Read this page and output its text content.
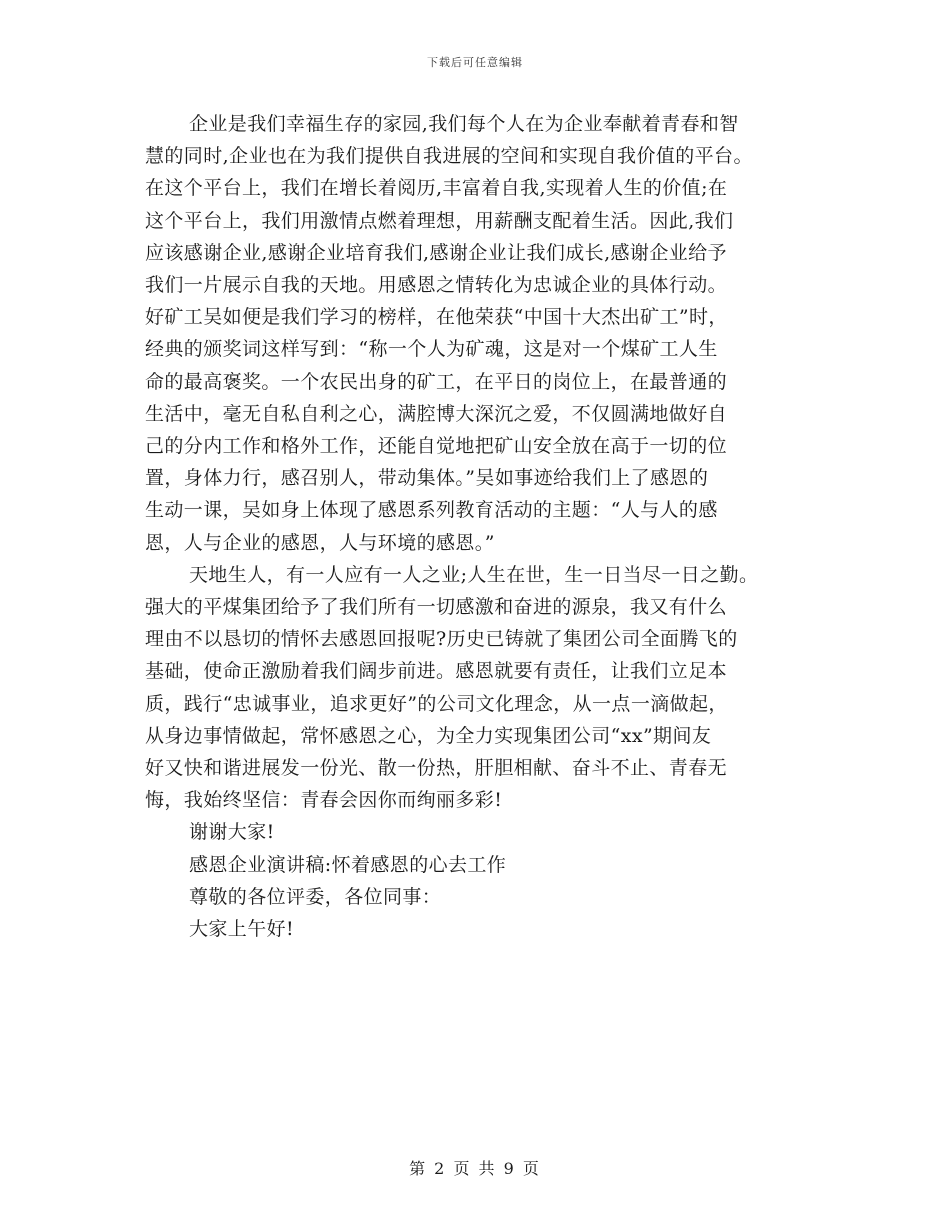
下载后可任意编辑

企业是我们幸福生存的家园,我们每个人在为企业奉献着青春和智
慧的同时,企业也在为我们提供自我进展的空间和实现自我价值的平台。
在这个平台上，我们在增长着阅历,丰富着自我,实现着人生的价值;在
这个平台上，我们用激情点燃着理想，用薪酬支配着生活。因此,我们
应该感谢企业,感谢企业培育我们,感谢企业让我们成长,感谢企业给予
我们一片展示自我的天地。用感恩之情转化为忠诚企业的具体行动。

好矿工吴如便是我们学习的榜样，在他荣获“中国十大杰出矿工”时，
经典的颁奖词这样写到：“称一个人为矿魂，这是对一个煤矿工人生
命的最高褒奖。一个农民出身的矿工，在平日的岗位上，在最普通的
生活中，毫无自私自利之心，满腔博大深沉之爱，不仅圆满地做好自
己的分内工作和格外工作，还能自觉地把矿山安全放在高于一切的位
置，身体力行，感召别人，带动集体。”吴如事迹给我们上了感恩的
生动一课，吴如身上体现了感恩系列教育活动的主题：“人与人的感
恩，人与企业的感恩，人与环境的感恩。”

天地生人，有一人应有一人之业;人生在世，生一日当尽一日之勤。
强大的平煤集团给予了我们所有一切感激和奋进的源泉，我又有什么
理由不以恳切的情怀去感恩回报呢?历史已铸就了集团公司全面腾飞的
基础，使命正激励着我们阔步前进。感恩就要有责任，让我们立足本
质，践行“忠诚事业，追求更好”的公司文化理念，从一点一滴做起，
从身边事情做起，常怀感恩之心，为全力实现集团公司“xx”期间友
好又快和谐进展发一份光、散一份热，肝胆相献、奋斗不止、青春无
悔，我始终坚信：青春会因你而绚丽多彩!

谢谢大家!

感恩企业演讲稿:怀着感恩的心去工作

尊敬的各位评委，各位同事：

大家上午好!

第 2 页 共 9 页
